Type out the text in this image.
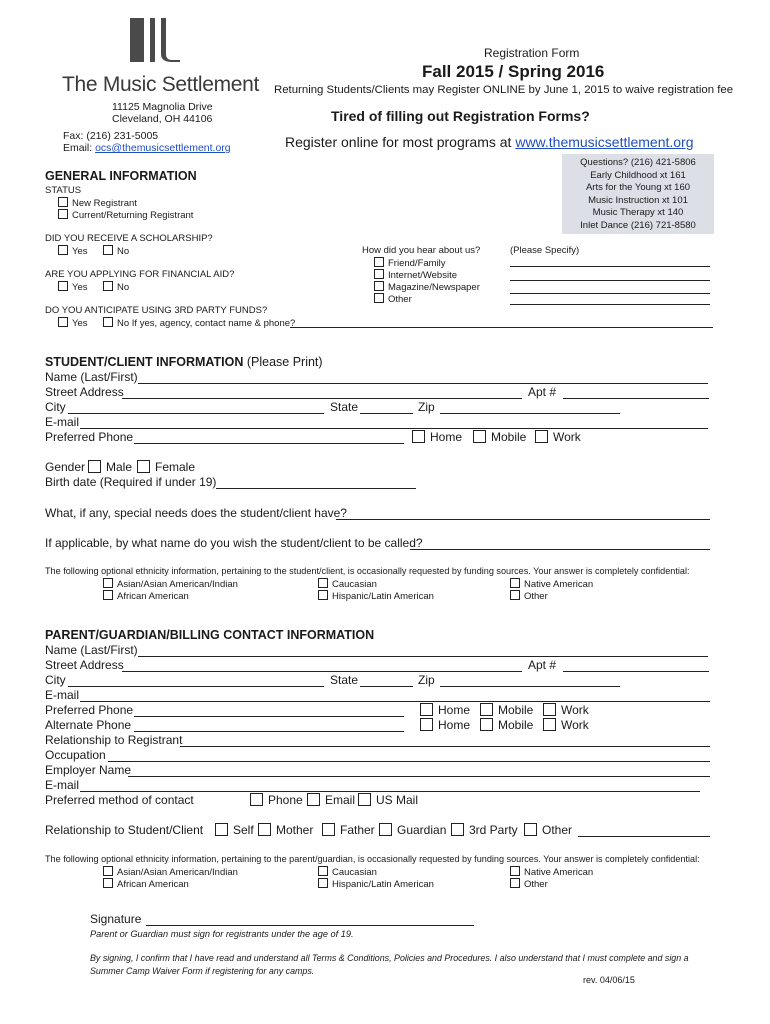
The Music Settlement
11125 Magnolia Drive
Cleveland, OH 44106
Fax: (216) 231-5005
Email: ocs@themusicsettlement.org
Registration Form
Fall 2015 / Spring 2016
Returning Students/Clients may Register ONLINE by June 1, 2015 to waive registration fee
Tired of filling out Registration Forms?
Register online for most programs at www.themusicsettlement.org
Questions? (216) 421-5806
Early Childhood xt 161
Arts for the Young xt 160
Music Instruction xt 101
Music Therapy xt 140
Inlet Dance (216) 721-8580
GENERAL INFORMATION
STATUS
New Registrant
Current/Returning Registrant
DID YOU RECEIVE A SCHOLARSHIP?
Yes	No
ARE YOU APPLYING FOR FINANCIAL AID?
Yes	No
DO YOU ANTICIPATE USING 3RD PARTY FUNDS?
Yes	No If yes, agency, contact name & phone?
How did you hear about us?
Friend/Family
Internet/Website
Magazine/Newspaper
Other
(Please Specify)
STUDENT/CLIENT INFORMATION (Please Print)
Name (Last/First)
Street Address	Apt #
City	State	Zip
E-mail
Preferred Phone	Home	Mobile	Work
Gender	Male	Female
Birth date (Required if under 19)
What, if any, special needs does the student/client have?
If applicable, by what name do you wish the student/client to be called?
The following optional ethnicity information, pertaining to the student/client, is occasionally requested by funding sources. Your answer is completely confidential:
Asian/Asian American/Indian
African American
Caucasian
Hispanic/Latin American
Native American
Other
PARENT/GUARDIAN/BILLING CONTACT INFORMATION
Name (Last/First)
Street Address	Apt #
City	State	Zip
E-mail
Preferred Phone	Home	Mobile	Work
Alternate Phone	Home	Mobile	Work
Relationship to Registrant
Occupation
Employer Name
E-mail
Preferred method of contact	Phone	Email	US Mail
Relationship to Student/Client	Self	Mother	Father	Guardian	3rd Party	Other
The following optional ethnicity information, pertaining to the parent/guardian, is occasionally requested by funding sources. Your answer is completely confidential:
Asian/Asian American/Indian
African American
Caucasian
Hispanic/Latin American
Native American
Other
Signature
Parent or Guardian must sign for registrants under the age of 19.
By signing, I confirm that I have read and understand all Terms & Conditions, Policies and Procedures. I also understand that I must complete and sign a
Summer Camp Waiver Form if registering for any camps.
rev. 04/06/15
